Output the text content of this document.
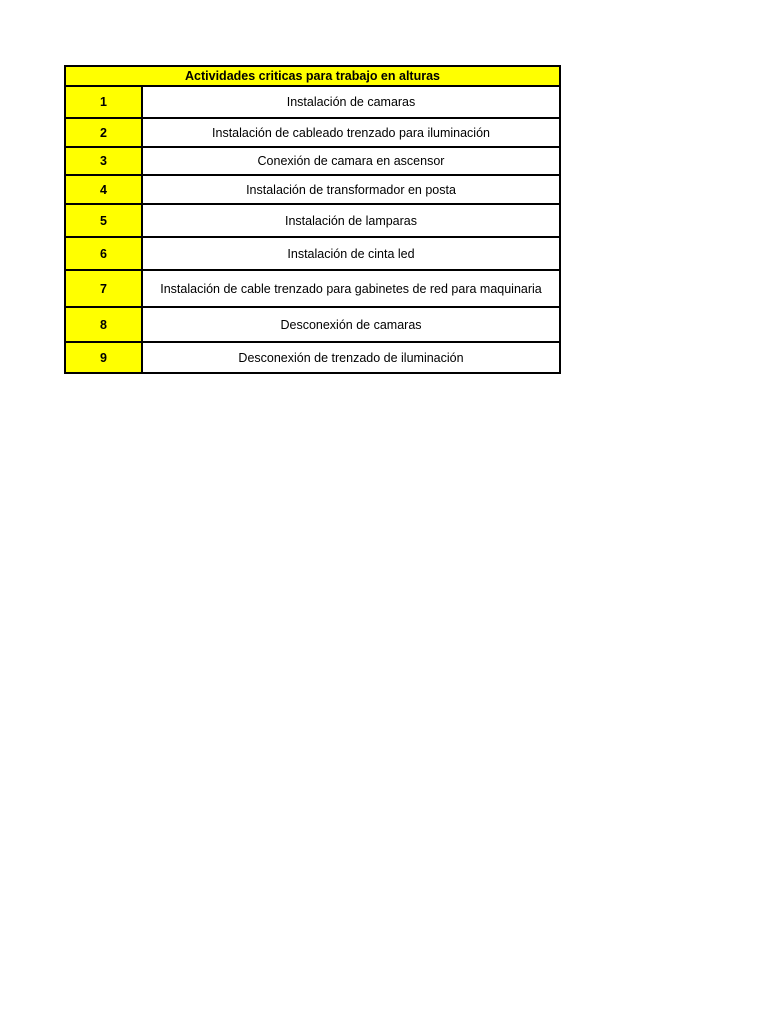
Actividades criticas para trabajo en alturas	
1	Instalación de camaras
2	Instalación de cableado trenzado para iluminación
3	Conexión de camara en ascensor
4	Instalación de transformador en posta
5	Instalación de lamparas
6	Instalación de cinta led
7	Instalación de cable trenzado para gabinetes de red para maquinaria
8	Desconexión de camaras
9	Desconexión de trenzado de iluminación
